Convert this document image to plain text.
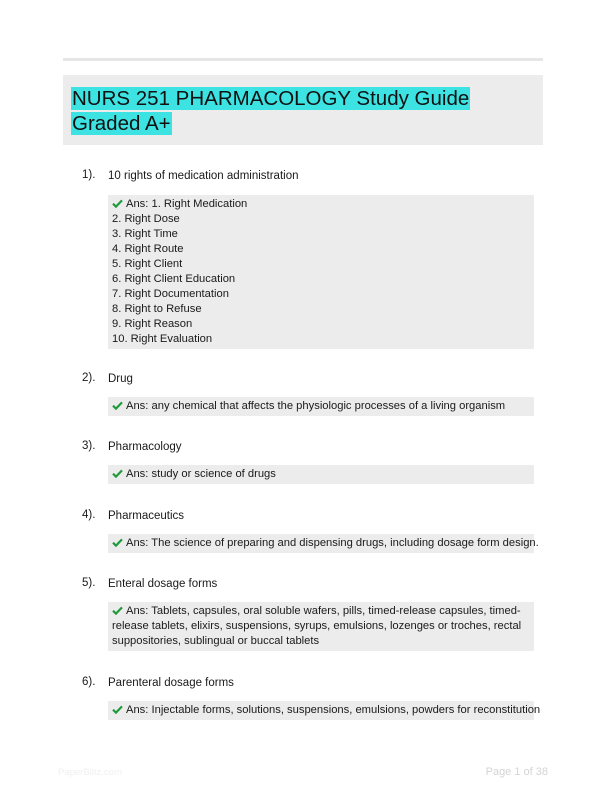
NURS 251 PHARMACOLOGY Study Guide
Graded A+
1). 10 rights of medication administration
Ans: 1. Right Medication
2. Right Dose
3. Right Time
4. Right Route
5. Right Client
6. Right Client Education
7. Right Documentation
8. Right to Refuse
9. Right Reason
10. Right Evaluation
2). Drug
Ans: any chemical that affects the physiologic processes of a living organism
3). Pharmacology
Ans: study or science of drugs
4). Pharmaceutics
Ans: The science of preparing and dispensing drugs, including dosage form design.
5). Enteral dosage forms
Ans: Tablets, capsules, oral soluble wafers, pills, timed-release capsules, timed-
release tablets, elixirs, suspensions, syrups, emulsions, lozenges or troches, rectal
suppositories, sublingual or buccal tablets
6). Parenteral dosage forms
Ans: Injectable forms, solutions, suspensions, emulsions, powders for reconstitution
PaperBlitz.com	Page 1 of 38
